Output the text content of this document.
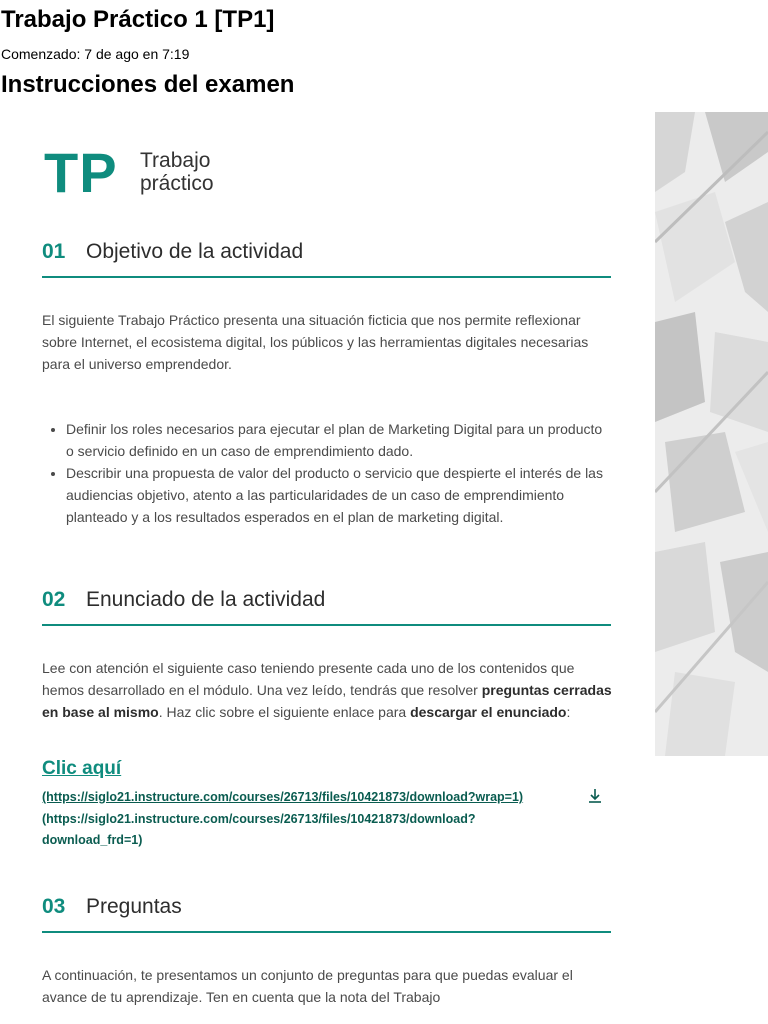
Trabajo Práctico 1 [TP1]
Comenzado: 7 de ago en 7:19
Instrucciones del examen
TP Trabajo
práctico
01 Objetivo de la actividad

El siguiente Trabajo Práctico presenta una situación ficticia que nos permite reflexionar sobre Internet, el ecosistema digital, los públicos y las herramientas digitales necesarias para el universo emprendedor.

Definir los roles necesarios para ejecutar el plan de Marketing Digital para un producto o servicio definido en un caso de emprendimiento dado.
Describir una propuesta de valor del producto o servicio que despierte el interés de las audiencias objetivo, atento a las particularidades de un caso de emprendimiento planteado y a los resultados esperados en el plan de marketing digital.
02 Enunciado de la actividad

Lee con atención el siguiente caso teniendo presente cada uno de los contenidos que hemos desarrollado en el módulo. Una vez leído, tendrás que resolver preguntas cerradas en base al mismo. Haz clic sobre el siguiente enlace para descargar el enunciado:

Clic aquí
(https://siglo21.instructure.com/courses/26713/files/10421873/download?wrap=1)
(https://siglo21.instructure.com/courses/26713/files/10421873/download?
download_frd=1)
03 Preguntas

A continuación, te presentamos un conjunto de preguntas para que puedas evaluar el avance de tu aprendizaje. Ten en cuenta que la nota del Trabajo
